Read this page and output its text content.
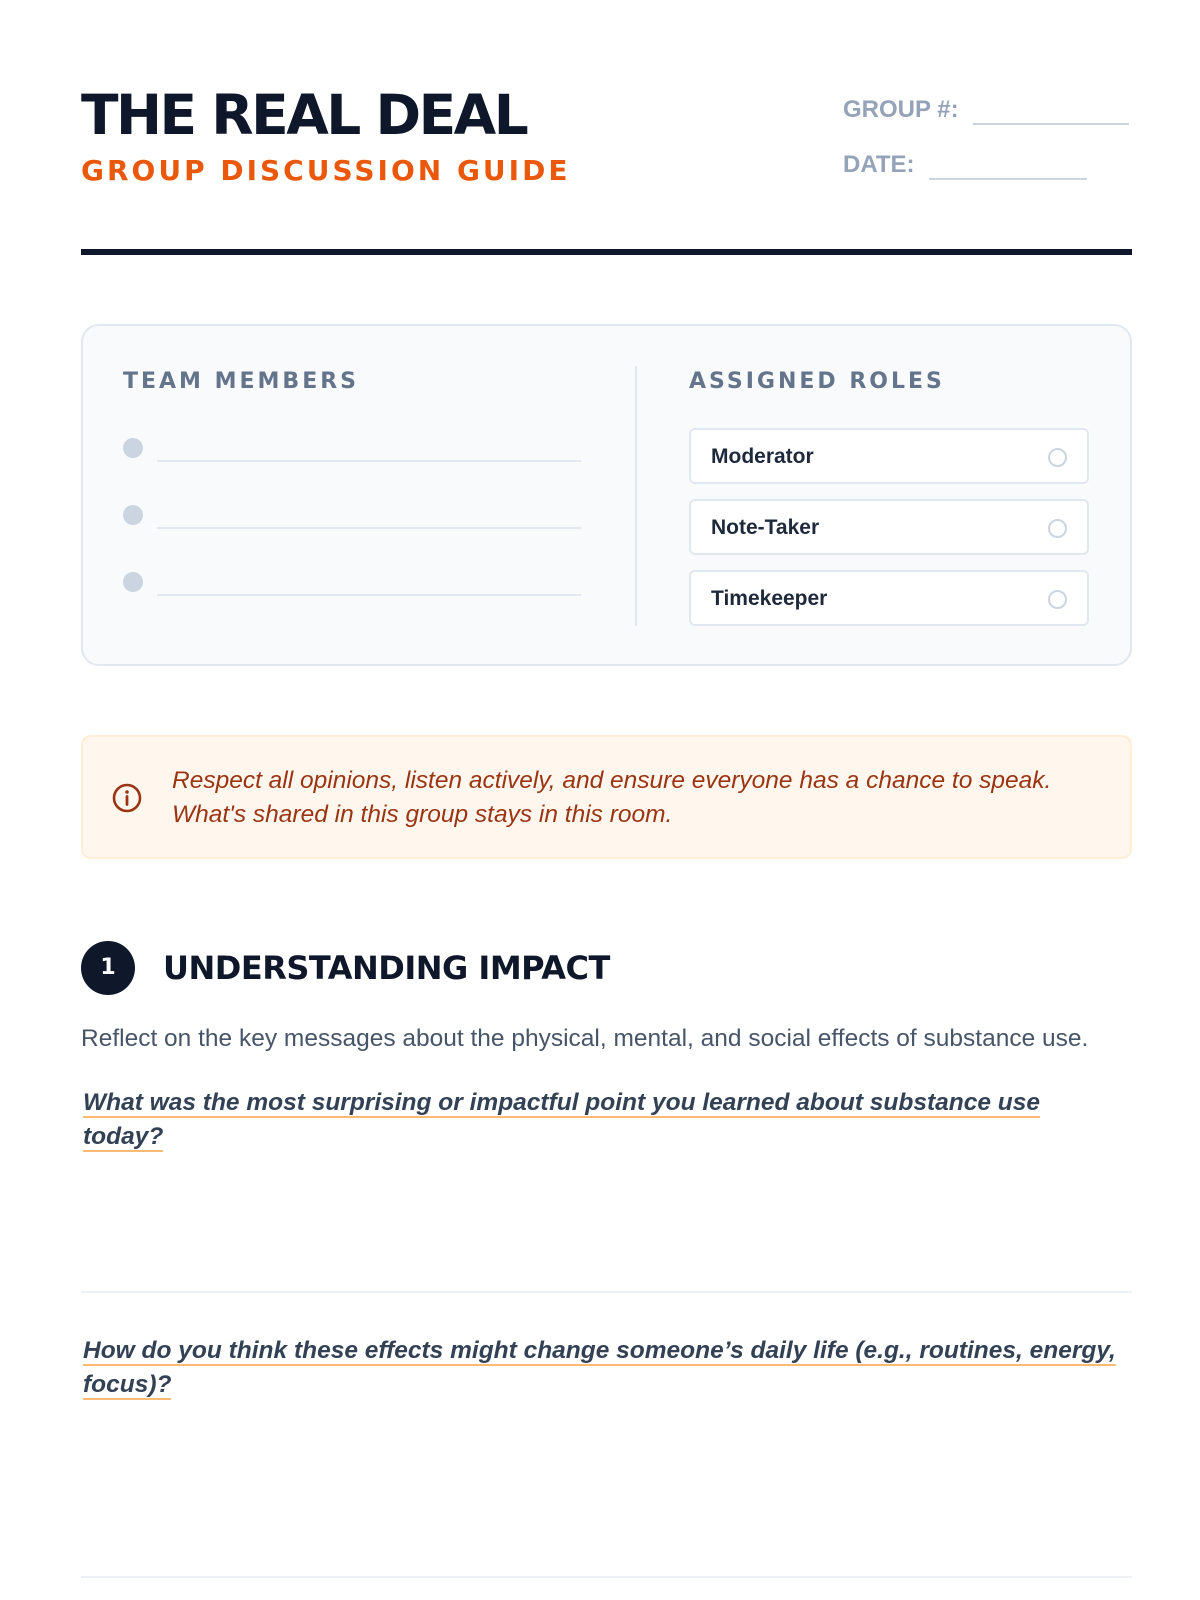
THE REAL DEAL
GROUP DISCUSSION GUIDE
GROUP #:
DATE:
TEAM MEMBERS	ASSIGNED ROLES
Moderator
Note-Taker
Timekeeper
Respect all opinions, listen actively, and ensure everyone has a chance to speak.
What's shared in this group stays in this room.
1	UNDERSTANDING IMPACT

Reflect on the key messages about the physical, mental, and social effects of substance use.

What was the most surprising or impactful point you learned about substance use today?
How do you think these effects might change someone’s daily life (e.g., routines, energy, focus)?
